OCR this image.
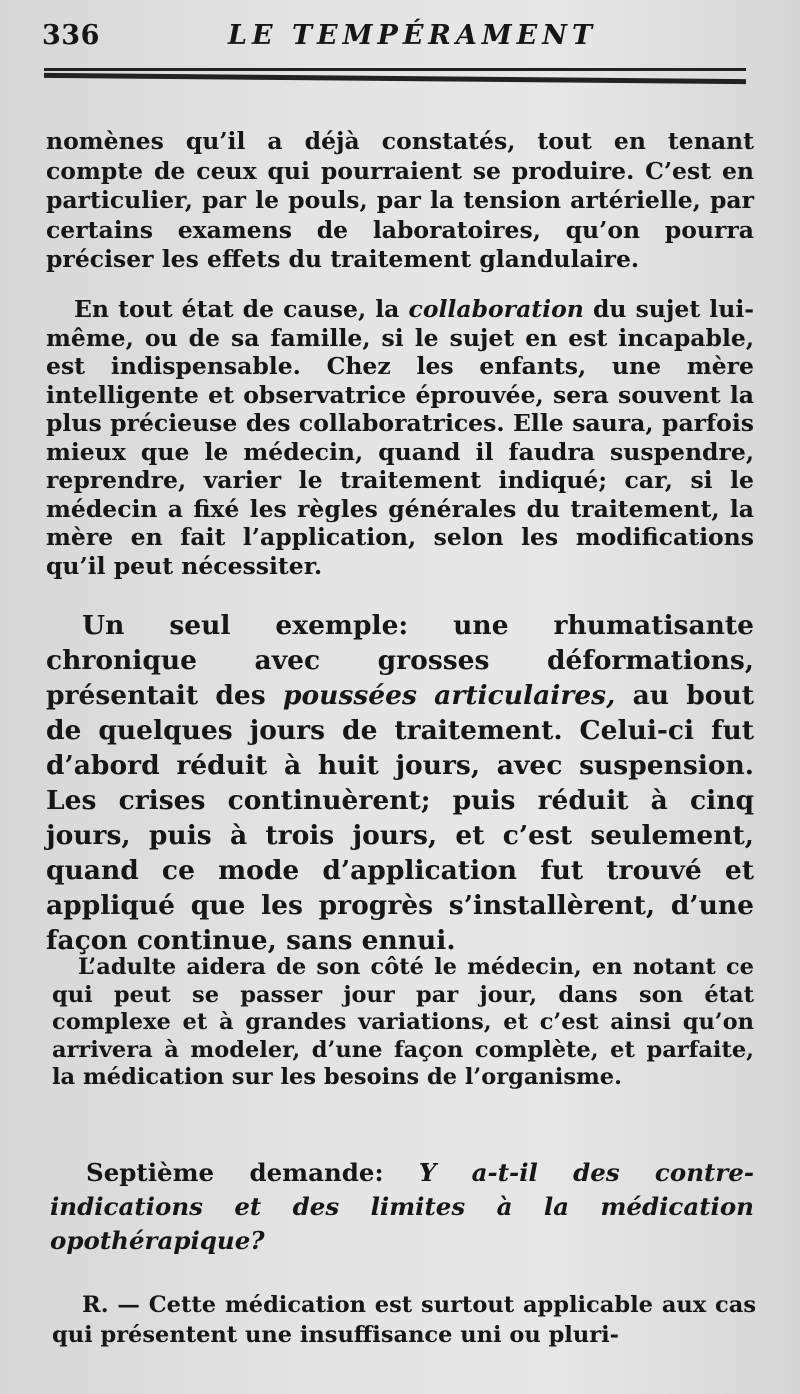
336	LE TEMPÉRAMENT

nomènes qu’il a déjà constatés, tout en tenant compte de ceux qui pourraient se produire. C’est en particulier, par le pouls, par la tension artérielle, par certains examens de laboratoires, qu’on pourra préciser les effets du traitement glandulaire.

En tout état de cause, la collaboration du sujet lui-même, ou de sa famille, si le sujet en est incapable, est indispensable. Chez les enfants, une mère intelligente et observatrice éprouvée, sera souvent la plus précieuse des collaboratrices. Elle saura, parfois mieux que le médecin, quand il faudra suspendre, reprendre, varier le traitement indiqué; car, si le médecin a fixé les règles générales du traitement, la mère en fait l’application, selon les modifications qu’il peut nécessiter.

Un seul exemple: une rhumatisante chronique avec grosses déformations, présentait des poussées articulaires, au bout de quelques jours de traitement. Celui-ci fut d’abord réduit à huit jours, avec suspension. Les crises continuèrent; puis réduit à cinq jours, puis à trois jours, et c’est seulement, quand ce mode d’application fut trouvé et appliqué que les progrès s’installèrent, d’une façon continue, sans ennui.

L’adulte aidera de son côté le médecin, en notant ce qui peut se passer jour par jour, dans son état complexe et à grandes variations, et c’est ainsi qu’on arrivera à modeler, d’une façon complète, et parfaite, la médication sur les besoins de l’organisme.

Septième demande: Y a-t-il des contre-indications et des limites à la médication opothérapique?

R. — Cette médication est surtout applicable aux cas qui présentent une insuffisance uni ou pluri-
